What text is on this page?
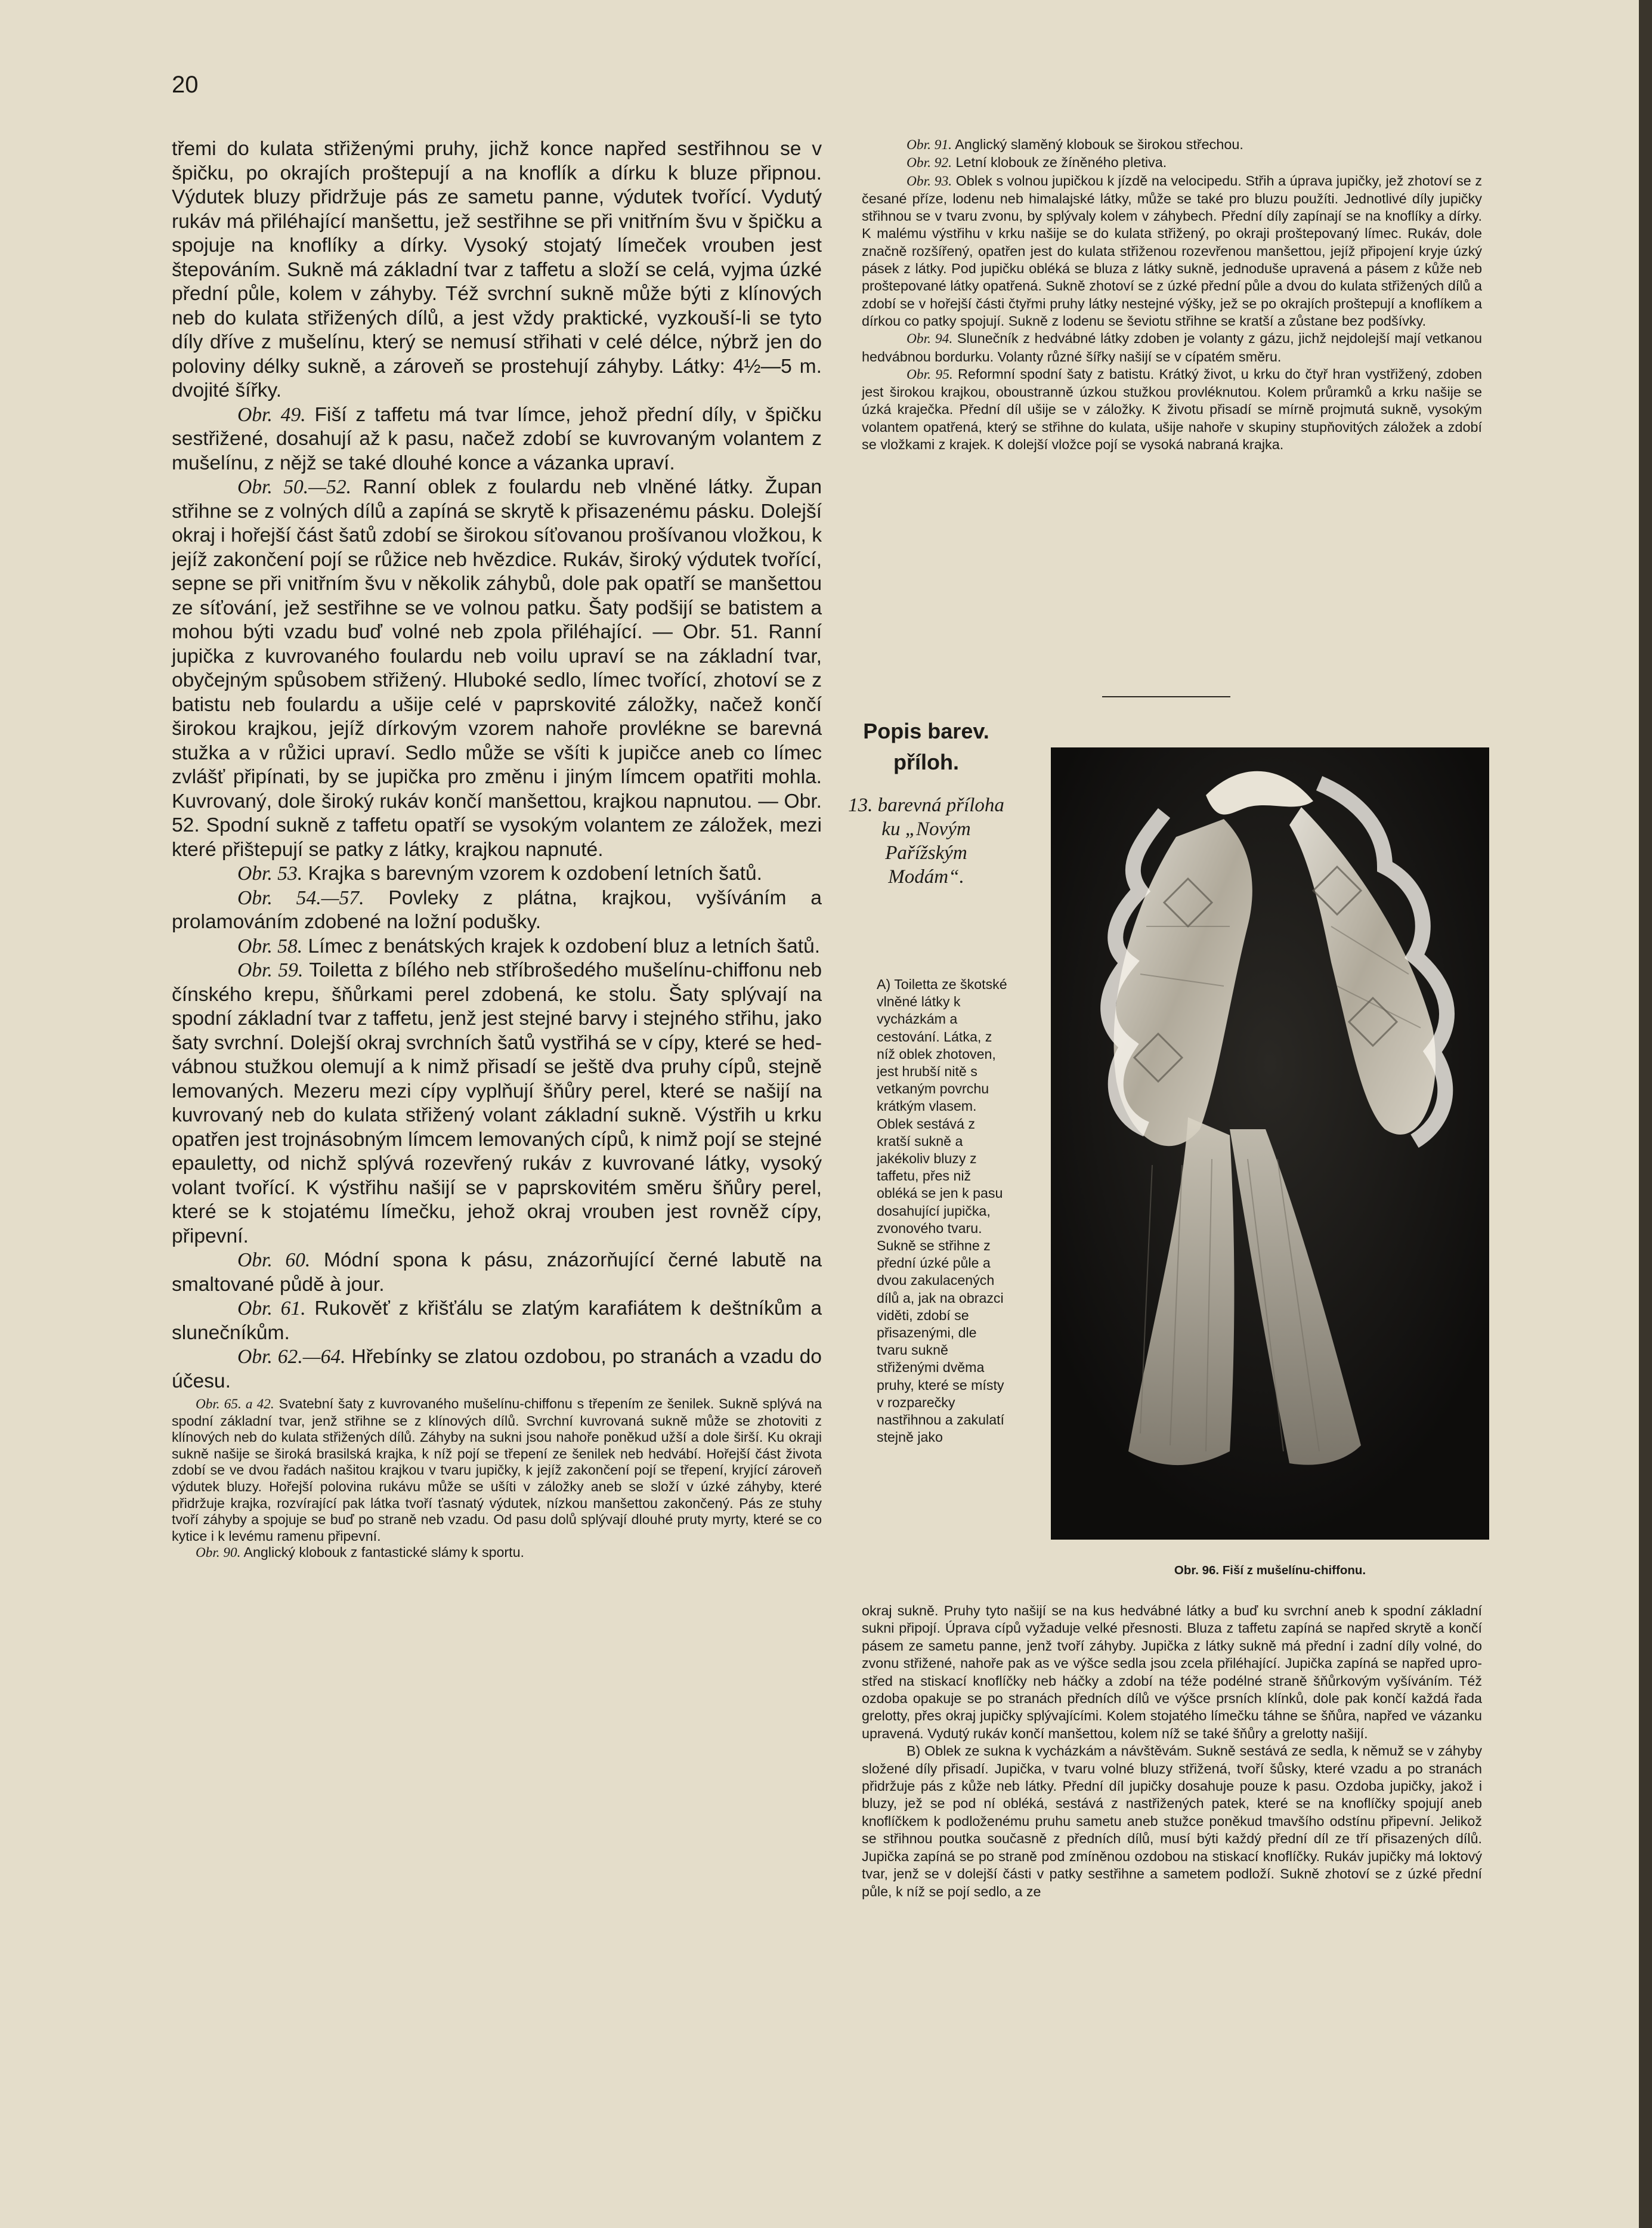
20

třemi do kulata střiženými pruhy, jichž konce napřed sestřihnou se v špičku, po okrajích proštepují a na knoflík a dírku k bluze připnou. Výdutek bluzy přidržuje pás ze sametu panne, výdutek tvořící. Vydutý rukáv má přiléhající manšettu, jež sestřihne se při vnitřním švu v špičku a spojuje na knoflíky a dírky. Vysoký stojatý límeček vrouben jest štepováním. Sukně má základní tvar z taffetu a složí se celá, vyjma úzké přední půle, kolem v záhyby. Též svrchní sukně může býti z klínových neb do kulata střižených dílů, a jest vždy praktické, vyzkouší-li se tyto díly dříve z mušelínu, který se nemusí střihati v celé délce, nýbrž jen do poloviny délky sukně, a zároveň se prostehují záhyby. Látky: 4½—5 m. dvojité šířky.

Obr. 49. Fiší z taffetu má tvar límce, jehož přední díly, v špičku sestřižené, dosahují až k pasu, načež zdobí se kuvrovaným volantem z mušelínu, z nějž se také dlouhé konce a vázanka upraví.

Obr. 50.—52. Ranní oblek z foulardu neb vlněné látky. Župan střihne se z volných dílů a zapíná se skrytě k přisazenému pásku. Dolejší okraj i hořejší část šatů zdobí se širokou síťovanou prošívanou vložkou, k jejíž zakončení pojí se růžice neb hvězdice. Rukáv, široký výdutek tvořící, sepne se při vnitřním švu v několik záhybů, dole pak opatří se manšettou ze síťování, jež sestřihne se ve volnou patku. Šaty podšijí se batistem a mohou býti vzadu buď volné neb zpola přiléhající. — Obr. 51. Ranní jupička z kuvrovaného foulardu neb voilu upraví se na základní tvar, obyčejným spůsobem střižený. Hluboké sedlo, límec tvořící, zhotoví se z batistu neb foulardu a ušije celé v paprskovité záložky, načež končí širokou krajkou, jejíž dírkovým vzorem nahoře provlékne se barevná stužka a v růžici upraví. Sedlo může se všíti k jupičce aneb co límec zvlášť připínati, by se jupička pro změnu i jiným límcem opatřiti mohla. Kuvrovaný, dole široký rukáv končí manšettou, krajkou napnutou. — Obr. 52. Spodní sukně z taffetu opatří se vysokým volantem ze záložek, mezi které přištepují se patky z látky, krajkou napnuté.

Obr. 53. Krajka s barevným vzorem k ozdobení letních šatů.

Obr. 54.—57. Povleky z plátna, krajkou, vyšíváním a prolamováním zdobené na ložní podušky.

Obr. 58. Límec z benátských krajek k ozdobení bluz a letních šatů.

Obr. 59. Toiletta z bílého neb stříbrošedého mušelínu-chiffonu neb čínského krepu, šňůrkami perel zdobená, ke stolu. Šaty splývají na spodní základní tvar z taffetu, jenž jest stejné barvy i stejného střihu, jako šaty svrchní. Dolejší okraj svrchních šatů vystřihá se v cípy, které se hedvábnou stužkou olemují a k nimž přisadí se ještě dva pruhy cípů, stejně lemovaných. Mezeru mezi cípy vyplňují šňůry perel, které se našijí na kuvrovaný neb do kulata střižený volant základní sukně. Výstřih u krku opatřen jest trojnásobným límcem lemovaných cípů, k nimž pojí se stejné epauletty, od nichž splývá rozevřený rukáv z kuvrované látky, vysoký volant tvořící. K výstřihu našijí se v paprskovitém směru šňůry perel, které se k stojatému límečku, jehož okraj vrouben jest rovněž cípy, připevní.

Obr. 60. Módní spona k pásu, znázorňující černé labutě na smaltované půdě à jour.

Obr. 61. Rukověť z křišťálu se zlatým karafiátem k deštníkům a slunečníkům.

Obr. 62.—64. Hřebínky se zlatou ozdobou, po stranách a vzadu do účesu.

Obr. 65. a 42. Svatební šaty z kuvrovaného mušelínu-chiffonu s třepením ze šenilek. Sukně splývá na spodní základní tvar, jenž střihne se z klínových dílů. Svrchní kuvrovaná sukně může se zhotoviti z klínových neb do kulata střižených dílů. Záhyby na sukni jsou nahoře poněkud užší a dole širší. Ku okraji sukně našije se široká brasilská krajka, k níž pojí se třepení ze šenilek neb hedvábí. Hořejší část života zdobí se ve dvou řadách našitou krajkou v tvaru jupičky, k jejíž zakončení pojí se třepení, kryjící zároveň výdutek bluzy. Hořejší polovina rukávu může se ušíti v záložky aneb se složí v úzké záhyby, které přidržuje krajka, rozvírající pak látka tvoří ťasnatý výdutek, nízkou manšettou zakončený. Pás ze stuhy tvoří záhyby a spojuje se buď po straně neb vzadu. Od pasu dolů splývají dlouhé pruty myrty, které se co kytice i k levému ramenu připevní.

Obr. 90. Anglický klobouk z fantastické slámy k sportu.

Obr. 91. Anglický slaměný klobouk se širokou střechou.

Obr. 92. Letní klobouk ze žíněného pletiva.

Obr. 93. Oblek s volnou jupičkou k jízdě na velocipedu. Střih a úprava jupičky, jež zhotoví se z česané příze, lodenu neb himalajské látky, může se také pro bluzu použíti. Jednotlivé díly jupičky střihnou se v tvaru zvonu, by splývaly kolem v záhybech. Přední díly zapínají se na knoflíky a dírky. K malému výstřihu v krku našije se do kulata střižený, po okraji proštepovaný límec. Rukáv, dole značně rozšířený, opatřen jest do kulata střiženou rozevřenou manšettou, jejíž připojení kryje úzký pásek z látky. Pod jupičku obléká se bluza z látky sukně, jednoduše upravená a pásem z kůže neb proštepované látky opatřená. Sukně zhotoví se z úzké přední půle a dvou do kulata střižených dílů a zdobí se v hořejší části čtyřmi pruhy látky nestejné výšky, jež se po okrajích proštepují a knoflíkem a dírkou co patky spojují. Sukně z lodenu se ševiotu střihne se kratší a zůstane bez podšívky.

Obr. 94. Slunečník z hedvábné látky zdoben je volanty z gázu, jichž nejdolejší mají vetkanou hedvábnou bordurku. Volanty různé šířky našijí se v cípatém směru.

Obr. 95. Reformní spodní šaty z batistu. Krátký život, u krku do čtyř hran vystřižený, zdoben jest širokou krajkou, oboustranně úzkou stužkou provléknutou. Kolem průramků a krku našije se úzká kraječka. Přední díl ušije se v záložky. K životu přisadí se mírně projmutá sukně, vysokým volantem opatřená, který se střihne do kulata, ušije nahoře v skupiny stupňovitých záložek a zdobí se vložkami z krajek. K dolejší vložce pojí se vysoká nabraná krajka.

Popis barev. příloh.
13. barevná příloha ku „Novým Pařížským Modám“.

A) Toiletta ze škotské vlněné látky k vycházkám a cestování. Látka, z níž oblek zhotoven, jest hrubší nitě s vetkaným povrchu krátkým vlasem. Oblek sestává z kratší sukně a jakékoliv bluzy z taffetu, přes niž obléká se jen k pasu dosahující jupička, zvonového tvaru. Sukně se střihne z přední úzké půle a dvou zakulacených dílů a, jak na obrazci viděti, zdobí se přisazenými, dle tvaru sukně střiženými dvěma pruhy, které se místy v rozparečky nastřihnou a zakulatí stejně jako

Obr. 96. Fiší z mušelínu-chiffonu.

okraj sukně. Pruhy tyto našijí se na kus hedvábné látky a buď ku svrchní aneb k spodní základní sukni připojí. Úprava cípů vyžaduje velké přesnosti. Bluza z taffetu zapíná se napřed skrytě a končí pásem ze sametu panne, jenž tvoří záhyby. Jupička z látky sukně má přední i zadní díly volné, do zvonu střižené, nahoře pak as ve výšce sedla jsou zcela přiléhající. Jupička zapíná se napřed uprostřed na stiskací knoflíčky neb háčky a zdobí na téže podélné straně šňůrkovým vyšíváním. Též ozdoba opakuje se po stranách předních dílů ve výšce prsních klínků, dole pak končí každá řada grelotty, přes okraj jupičky splývajícími. Kolem stojatého límečku táhne se šňůra, napřed ve vázanku upravená. Vydutý rukáv končí manšettou, kolem níž se také šňůry a grelotty našijí.

B) Oblek ze sukna k vycházkám a návštěvám. Sukně sestává ze sedla, k němuž se v záhyby složené díly přisadí. Jupička, v tvaru volné bluzy střižená, tvoří šůsky, které vzadu a po stranách přidržuje pás z kůže neb látky. Přední díl jupičky dosahuje pouze k pasu. Ozdoba jupičky, jakož i bluzy, jež se pod ní obléká, sestává z nastřižených patek, které se na knoflíčky spojují aneb knoflíčkem k podloženému pruhu sametu aneb stužce poněkud tmavšího odstínu připevní. Jelikož se střihnou poutka současně z předních dílů, musí býti každý přední díl ze tří přisazených dílů. Jupička zapíná se po straně pod zmíněnou ozdobou na stiskací knoflíčky. Rukáv jupičky má loktový tvar, jenž se v dolejší části v patky sestřihne a sametem podloží. Sukně zhotoví se z úzké přední půle, k níž se pojí sedlo, a ze
